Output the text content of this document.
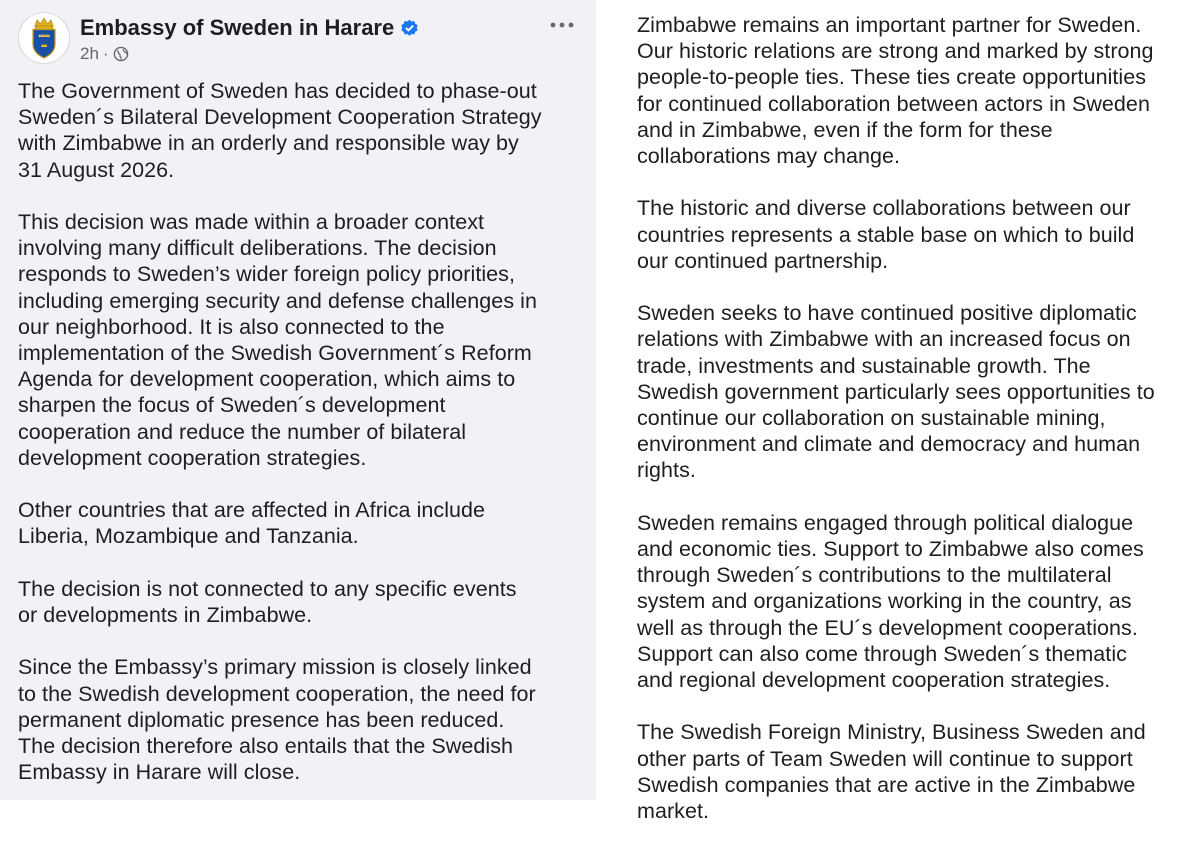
Embassy of Sweden in Harare
2h ·

The Government of Sweden has decided to phase-out
Sweden´s Bilateral Development Cooperation Strategy
with Zimbabwe in an orderly and responsible way by
31 August 2026.

This decision was made within a broader context
involving many difficult deliberations. The decision
responds to Sweden’s wider foreign policy priorities,
including emerging security and defense challenges in
our neighborhood. It is also connected to the
implementation of the Swedish Government´s Reform
Agenda for development cooperation, which aims to
sharpen the focus of Sweden´s development
cooperation and reduce the number of bilateral
development cooperation strategies.

Other countries that are affected in Africa include
Liberia, Mozambique and Tanzania.

The decision is not connected to any specific events
or developments in Zimbabwe.

Since the Embassy’s primary mission is closely linked
to the Swedish development cooperation, the need for
permanent diplomatic presence has been reduced.
The decision therefore also entails that the Swedish
Embassy in Harare will close.

Zimbabwe remains an important partner for Sweden.
Our historic relations are strong and marked by strong
people-to-people ties. These ties create opportunities
for continued collaboration between actors in Sweden
and in Zimbabwe, even if the form for these
collaborations may change.

The historic and diverse collaborations between our
countries represents a stable base on which to build
our continued partnership.

Sweden seeks to have continued positive diplomatic
relations with Zimbabwe with an increased focus on
trade, investments and sustainable growth. The
Swedish government particularly sees opportunities to
continue our collaboration on sustainable mining,
environment and climate and democracy and human
rights.

Sweden remains engaged through political dialogue
and economic ties. Support to Zimbabwe also comes
through Sweden´s contributions to the multilateral
system and organizations working in the country, as
well as through the EU´s development cooperations.
Support can also come through Sweden´s thematic
and regional development cooperation strategies.

The Swedish Foreign Ministry, Business Sweden and
other parts of Team Sweden will continue to support
Swedish companies that are active in the Zimbabwe
market.
